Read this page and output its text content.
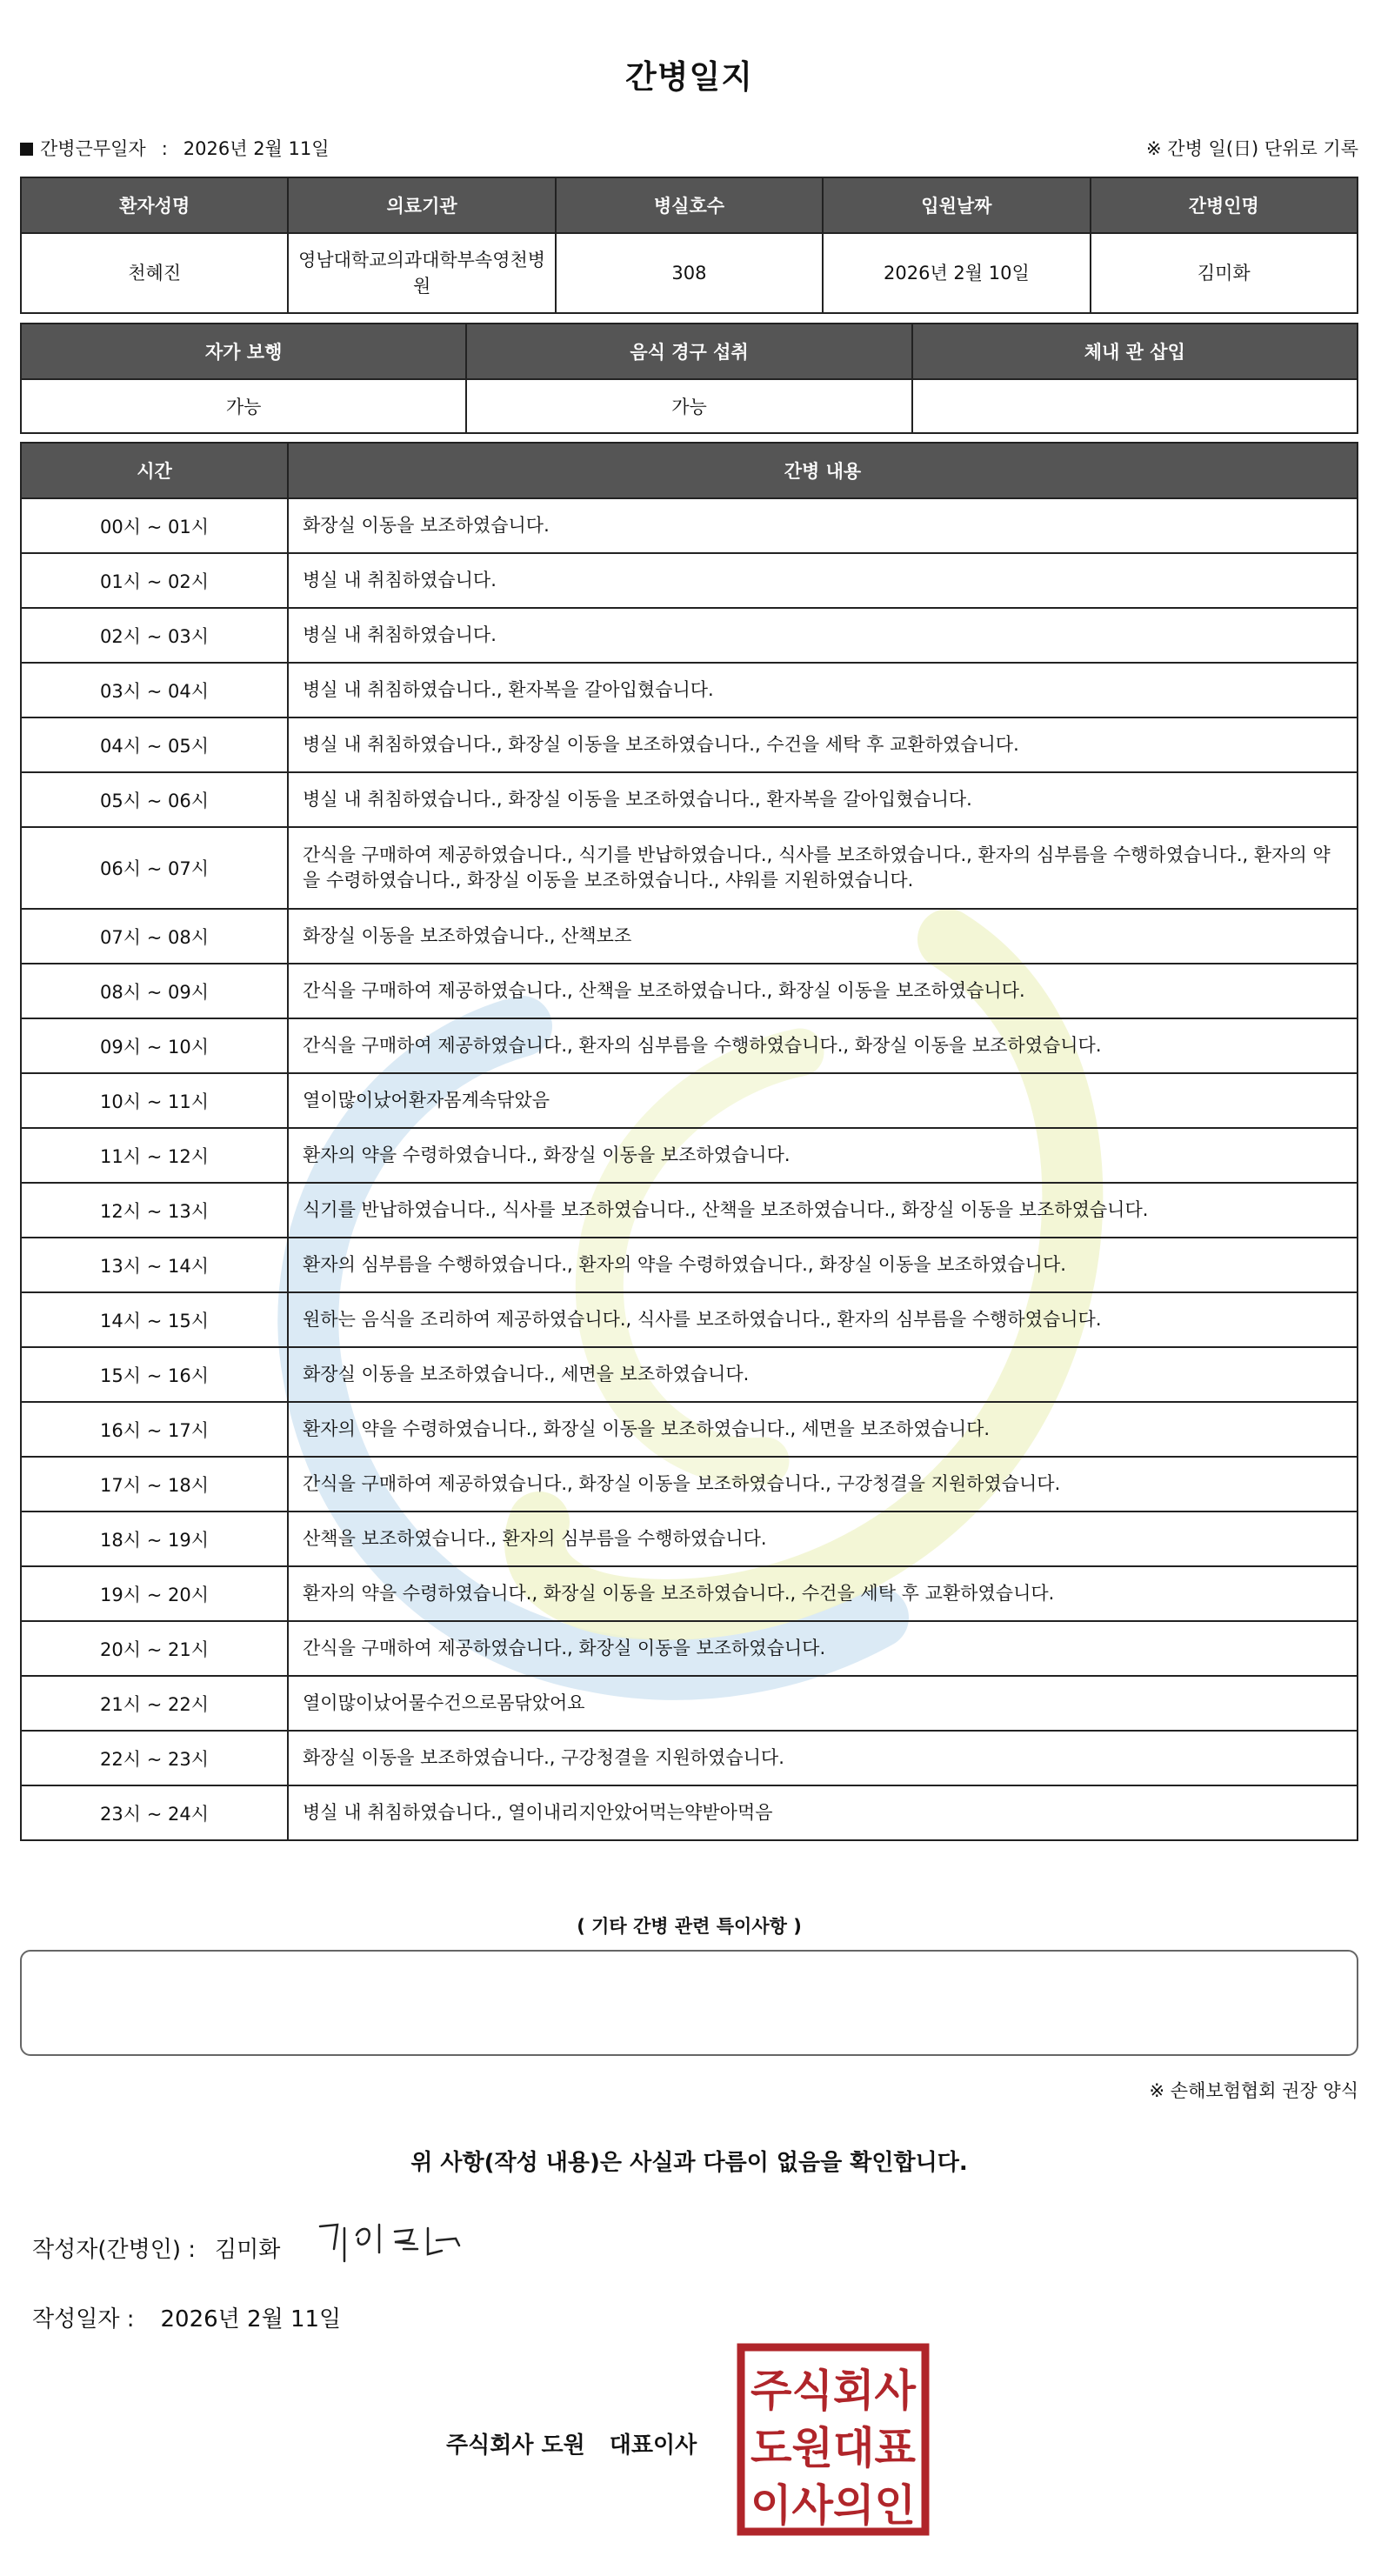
간병일지
간병근무일자 : 2026년 2월 11일	※ 간병 일(日) 단위로 기록
환자성명	의료기관	병실호수	입원날짜	간병인명
천혜진	영남대학교의과대학부속영천병원	308	2026년 2월 10일	김미화
자가 보행	음식 경구 섭취	체내 관 삽입
가능	가능	
시간	간병 내용
00시 ~ 01시	화장실 이동을 보조하였습니다.
01시 ~ 02시	병실 내 취침하였습니다.
02시 ~ 03시	병실 내 취침하였습니다.
03시 ~ 04시	병실 내 취침하였습니다., 환자복을 갈아입혔습니다.
04시 ~ 05시	병실 내 취침하였습니다., 화장실 이동을 보조하였습니다., 수건을 세탁 후 교환하였습니다.
05시 ~ 06시	병실 내 취침하였습니다., 화장실 이동을 보조하였습니다., 환자복을 갈아입혔습니다.
06시 ~ 07시	간식을 구매하여 제공하였습니다., 식기를 반납하였습니다., 식사를 보조하였습니다., 환자의 심부름을 수행하였습니다., 환자의 약을 수령하였습니다., 화장실 이동을 보조하였습니다., 샤워를 지원하였습니다.
07시 ~ 08시	화장실 이동을 보조하였습니다., 산책보조
08시 ~ 09시	간식을 구매하여 제공하였습니다., 산책을 보조하였습니다., 화장실 이동을 보조하였습니다.
09시 ~ 10시	간식을 구매하여 제공하였습니다., 환자의 심부름을 수행하였습니다., 화장실 이동을 보조하였습니다.
10시 ~ 11시	열이많이났어환자몸계속닦았음
11시 ~ 12시	환자의 약을 수령하였습니다., 화장실 이동을 보조하였습니다.
12시 ~ 13시	식기를 반납하였습니다., 식사를 보조하였습니다., 산책을 보조하였습니다., 화장실 이동을 보조하였습니다.
13시 ~ 14시	환자의 심부름을 수행하였습니다., 환자의 약을 수령하였습니다., 화장실 이동을 보조하였습니다.
14시 ~ 15시	원하는 음식을 조리하여 제공하였습니다., 식사를 보조하였습니다., 환자의 심부름을 수행하였습니다.
15시 ~ 16시	화장실 이동을 보조하였습니다., 세면을 보조하였습니다.
16시 ~ 17시	환자의 약을 수령하였습니다., 화장실 이동을 보조하였습니다., 세면을 보조하였습니다.
17시 ~ 18시	간식을 구매하여 제공하였습니다., 화장실 이동을 보조하였습니다., 구강청결을 지원하였습니다.
18시 ~ 19시	산책을 보조하였습니다., 환자의 심부름을 수행하였습니다.
19시 ~ 20시	환자의 약을 수령하였습니다., 화장실 이동을 보조하였습니다., 수건을 세탁 후 교환하였습니다.
20시 ~ 21시	간식을 구매하여 제공하였습니다., 화장실 이동을 보조하였습니다.
21시 ~ 22시	열이많이났어물수건으로몸닦았어요
22시 ~ 23시	화장실 이동을 보조하였습니다., 구강청결을 지원하였습니다.
23시 ~ 24시	병실 내 취침하였습니다., 열이내리지안았어먹는약받아먹음
( 기타 간병 관련 특이사항 )
※ 손해보험협회 권장 양식
위 사항(작성 내용)은 사실과 다름이 없음을 확인합니다.
작성자(간병인) : 김미화
작성일자 : 2026년 2월 11일
주식회사 도원 대표이사
주식회사
도원대표
이사의인
